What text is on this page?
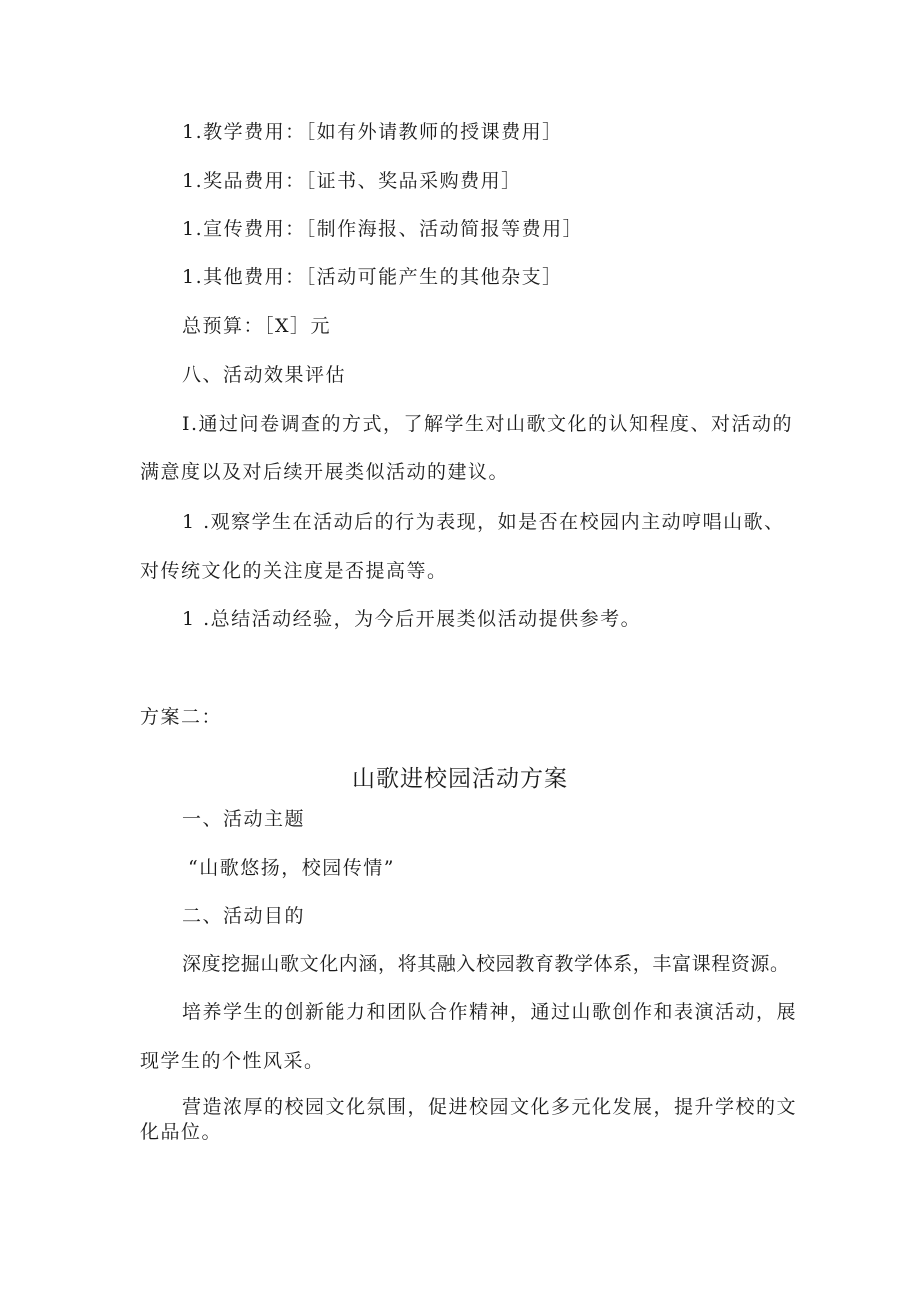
1.教学费用：［如有外请教师的授课费用］
1.奖品费用：［证书、奖品采购费用］
1.宣传费用：［制作海报、活动简报等费用］
1.其他费用：［活动可能产生的其他杂支］
总预算：［X］元
八、活动效果评估
I.通过问卷调查的方式，了解学生对山歌文化的认知程度、对活动的
满意度以及对后续开展类似活动的建议。
1 .观察学生在活动后的行为表现，如是否在校园内主动哼唱山歌、
对传统文化的关注度是否提高等。
1 .总结活动经验，为今后开展类似活动提供参考。
方案二：
山歌进校园活动方案
一、活动主题
“山歌悠扬，校园传情”
二、活动目的
深度挖掘山歌文化内涵，将其融入校园教育教学体系，丰富课程资源。
培养学生的创新能力和团队合作精神，通过山歌创作和表演活动，展
现学生的个性风采。
营造浓厚的校园文化氛围，促进校园文化多元化发展，提升学校的文
化品位。
